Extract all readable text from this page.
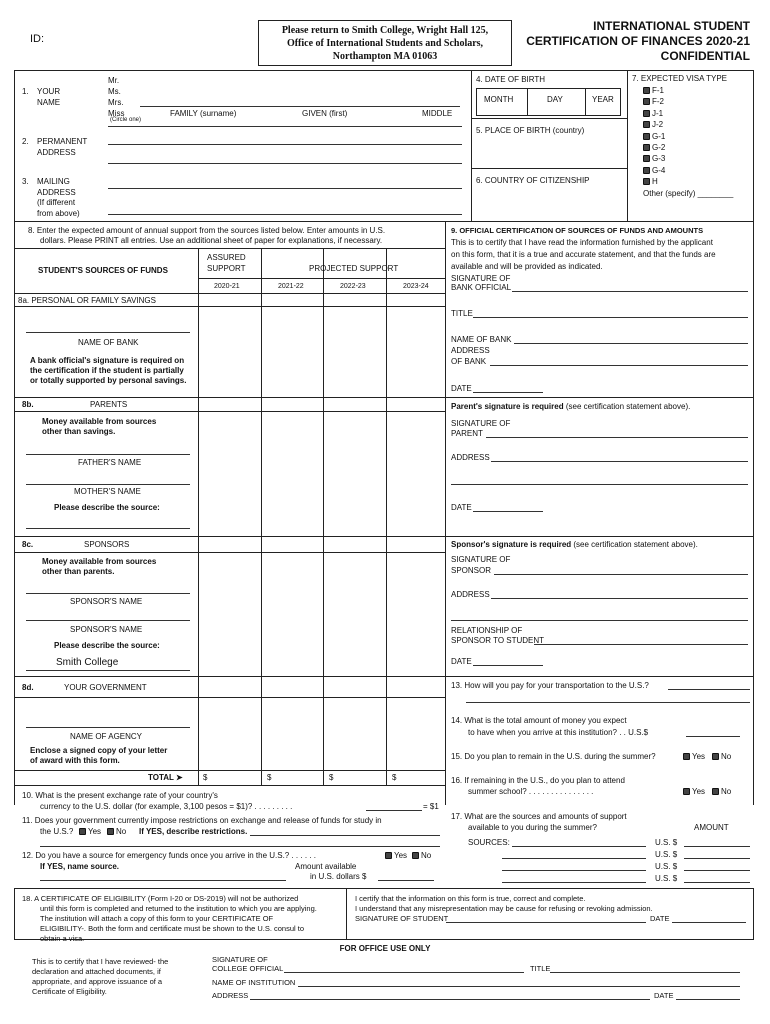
ID:
Please return to Smith College, Wright Hall 125,
Office of International Students and Scholars,
Northampton MA 01063
INTERNATIONAL STUDENT
CERTIFICATION OF FINANCES 2020-21
CONFIDENTIAL
1. YOUR
NAME
Mr.
Ms.
Mrs.
Miss
(Circle one)
FAMILY (surname)	GIVEN (first)	MIDDLE
2. PERMANENT
ADDRESS
3. MAILING
ADDRESS
(If different
from above)
4. DATE OF BIRTH
MONTH	DAY	YEAR
5. PLACE OF BIRTH (country)
6. COUNTRY OF CITIZENSHIP
7. EXPECTED VISA TYPE
F-1
F-2
J-1
J-2
G-1
G-2
G-3
G-4
H
Other (specify) ________
8. Enter the expected amount of annual support from the sources listed below. Enter amounts in U.S.
dollars. Please PRINT all entries. Use an additional sheet of paper for explanations, if necessary.
STUDENT'S SOURCES OF FUNDS
ASSURED
SUPPORT	PROJECTED SUPPORT
2020-21	2021-22	2022-23	2023-24
8a. PERSONAL OR FAMILY SAVINGS
NAME OF BANK
A bank official's signature is required on
the certification if the student is partially
or totally supported by personal savings.
8b.	PARENTS
Money available from sources
other than savings.
FATHER'S NAME
MOTHER'S NAME
Please describe the source:
8c.	SPONSORS
Money available from sources
other than parents.
SPONSOR'S NAME
SPONSOR'S NAME
Please describe the source:
Smith College
8d.	YOUR GOVERNMENT
NAME OF AGENCY
Enclose a signed copy of your letter
of award with this form.
TOTAL ➤	$	$	$	$
9. OFFICIAL CERTIFICATION OF SOURCES OF FUNDS AND AMOUNTS
This is to certify that I have read the information furnished by the applicant
on this form, that it is a true and accurate statement, and that the funds are
available and will be provided as indicated.
SIGNATURE OF
BANK OFFICIAL
TITLE
NAME OF BANK
ADDRESS
OF BANK
DATE
Parent's signature is required (see certification statement above).
SIGNATURE OF
PARENT
ADDRESS
DATE
Sponsor's signature is required (see certification statement above).
SIGNATURE OF
SPONSOR
ADDRESS
RELATIONSHIP OF
SPONSOR TO STUDENT
DATE
13. How will you pay for your transportation to the U.S.?
14. What is the total amount of money you expect
to have when you arrive at this institution? . . U.S.$
15. Do you plan to remain in the U.S. during the summer?	Yes	No
16. If remaining in the U.S., do you plan to attend
summer school? . . . . . . . . . . . . . . .	Yes	No
17. What are the sources and amounts of support
available to you during the summer?	AMOUNT
SOURCES:	U.S. $
U.S. $
U.S. $
U.S. $
10. What is the present exchange rate of your country's
currency to the U.S. dollar (for example, 3,100 pesos = $1)? . . . . . . . . .	= $1
11. Does your government currently impose restrictions on exchange and release of funds for study in
the U.S.?	Yes	No If YES, describe restrictions.
12. Do you have a source for emergency funds once you arrive in the U.S.? . . . . . .	Yes	No
If YES, name source.	Amount available
in U.S. dollars $
18. A CERTIFICATE OF ELIGIBILITY (Form I-20 or DS-2019) will not be authorized
until this form is completed and returned to the institution to which you are applying.
The institution will attach a copy of this form to your CERTIFICATE OF
ELIGIBILITY-. Both the form and certificate must be shown to the U.S. consul to
obtain a visa.
I certify that the information on this form is true, correct and complete.
I understand that any misrepresentation may be cause for refusing or revoking admission.
SIGNATURE OF STUDENT	DATE
FOR OFFICE USE ONLY
This is to certify that I have reviewed- the
declaration and attached documents, if
appropriate, and approve issuance of a
Certificate of Eligibility.
SIGNATURE OF
COLLEGE OFFICIAL	TITLE
NAME OF INSTITUTION
ADDRESS	DATE
